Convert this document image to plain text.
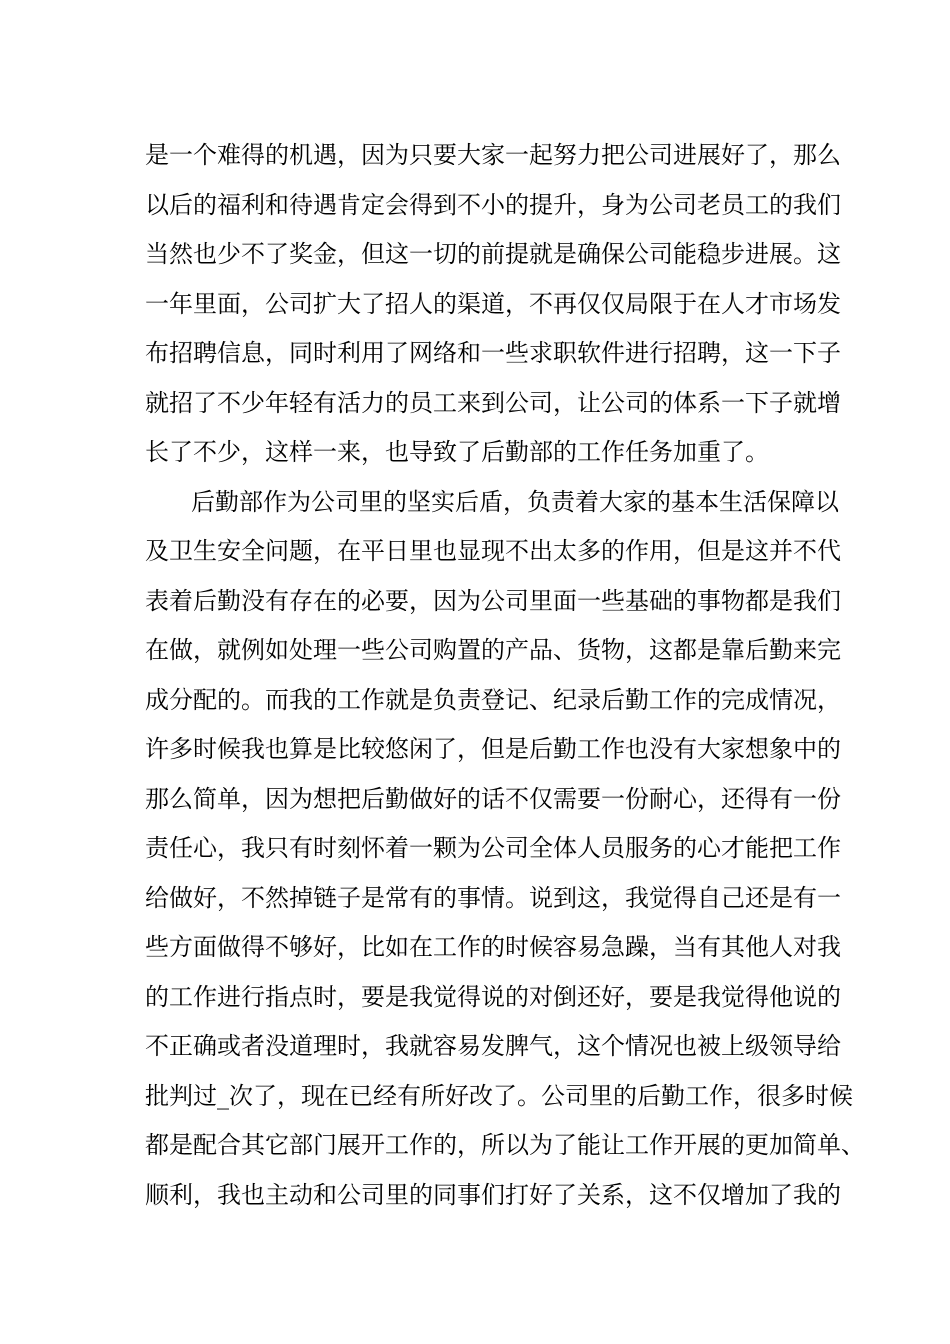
是一个难得的机遇，因为只要大家一起努力把公司进展好了，那么
以后的福利和待遇肯定会得到不小的提升，身为公司老员工的我们
当然也少不了奖金，但这一切的前提就是确保公司能稳步进展。这
一年里面，公司扩大了招人的渠道，不再仅仅局限于在人才市场发
布招聘信息，同时利用了网络和一些求职软件进行招聘，这一下子
就招了不少年轻有活力的员工来到公司，让公司的体系一下子就增
长了不少，这样一来，也导致了后勤部的工作任务加重了。
后勤部作为公司里的坚实后盾，负责着大家的基本生活保障以
及卫生安全问题，在平日里也显现不出太多的作用，但是这并不代
表着后勤没有存在的必要，因为公司里面一些基础的事物都是我们
在做，就例如处理一些公司购置的产品、货物，这都是靠后勤来完
成分配的。而我的工作就是负责登记、纪录后勤工作的完成情况，
许多时候我也算是比较悠闲了，但是后勤工作也没有大家想象中的
那么简单，因为想把后勤做好的话不仅需要一份耐心，还得有一份
责任心，我只有时刻怀着一颗为公司全体人员服务的心才能把工作
给做好，不然掉链子是常有的事情。说到这，我觉得自己还是有一
些方面做得不够好，比如在工作的时候容易急躁，当有其他人对我
的工作进行指点时，要是我觉得说的对倒还好，要是我觉得他说的
不正确或者没道理时，我就容易发脾气，这个情况也被上级领导给
批判过_次了，现在已经有所好改了。公司里的后勤工作，很多时候
都是配合其它部门展开工作的，所以为了能让工作开展的更加简单、
顺利，我也主动和公司里的同事们打好了关系，这不仅增加了我的
